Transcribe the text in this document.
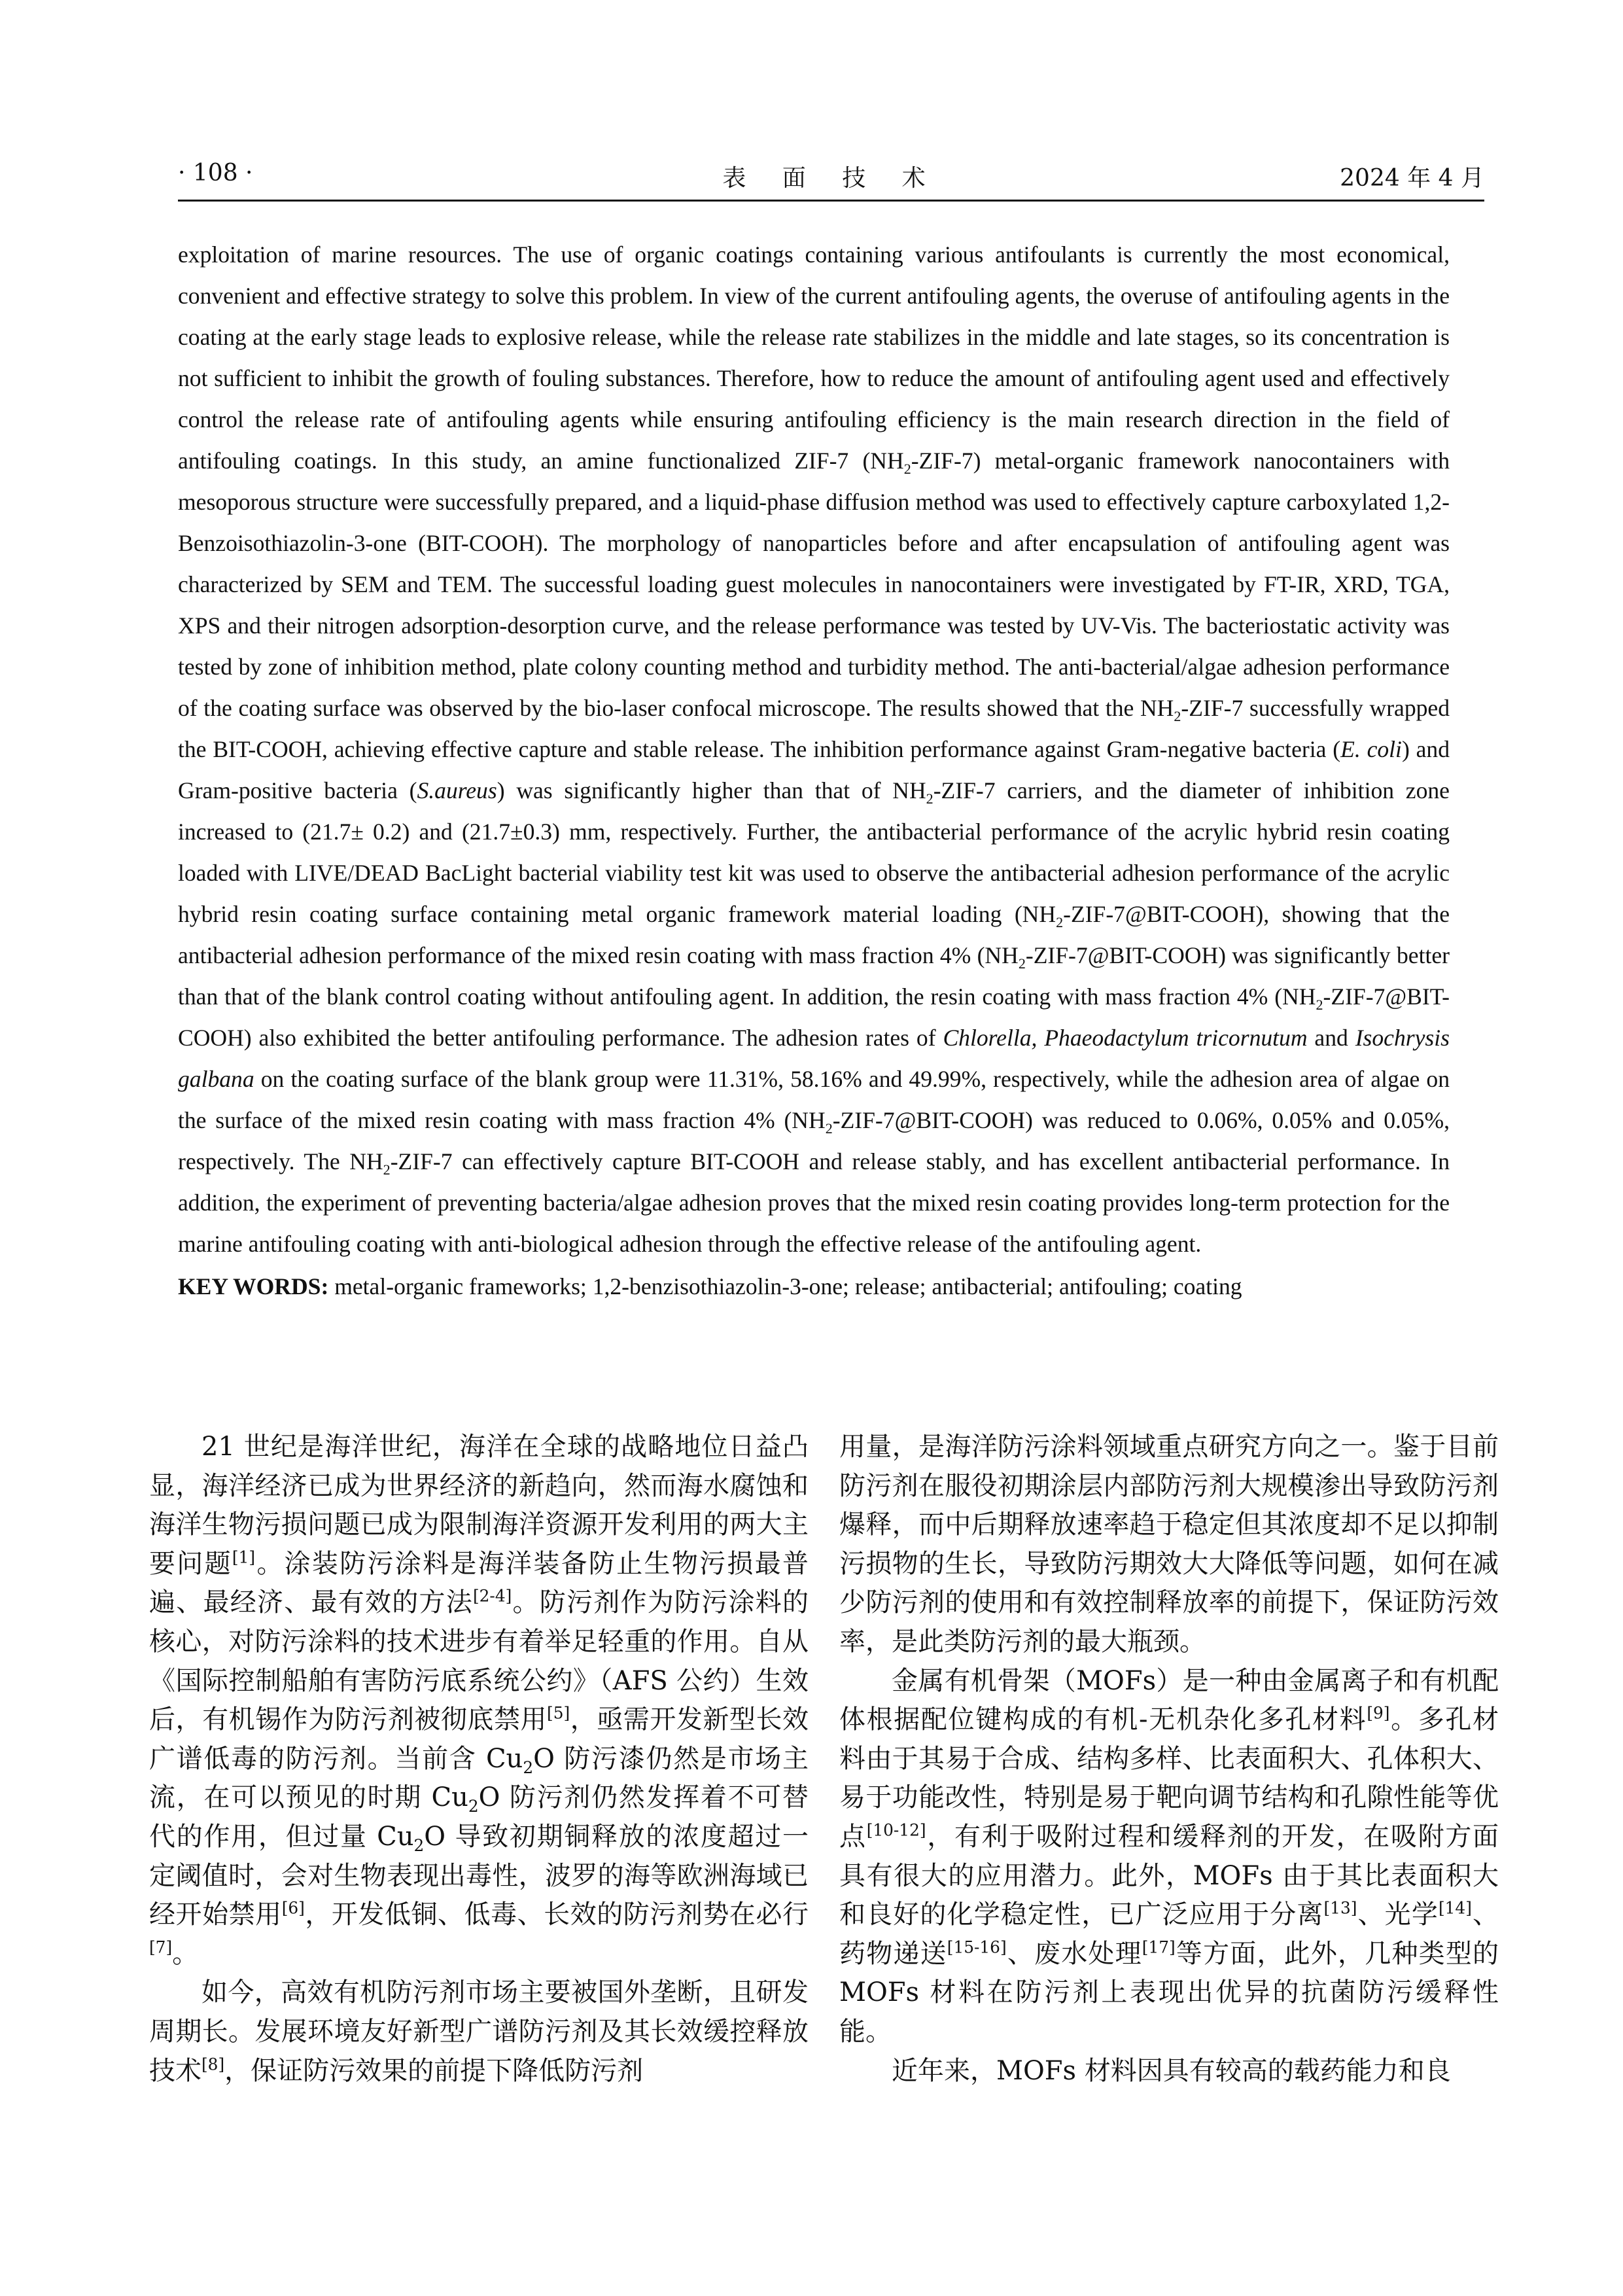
· 108 ·	表 面 技 术	2024 年 4 月

exploitation of marine resources. The use of organic coatings containing various antifoulants is currently the most economical, convenient and effective strategy to solve this problem. In view of the current antifouling agents, the overuse of antifouling agents in the coating at the early stage leads to explosive release, while the release rate stabilizes in the middle and late stages, so its concentration is not sufficient to inhibit the growth of fouling substances. Therefore, how to reduce the amount of antifouling agent used and effectively control the release rate of antifouling agents while ensuring antifouling efficiency is the main research direction in the field of antifouling coatings. In this study, an amine functionalized ZIF-7 $(NH_2-ZIF-7)$ metal-organic framework nanocontainers with mesoporous structure were successfully prepared, and a liquid-phase diffusion method was used to effectively capture carboxylated 1,2-Benzoisothiazolin-3-one (BIT-COOH). The morphology of nanoparticles before and after encapsulation of antifouling agent was characterized by SEM and TEM. The successful loading guest molecules in nanocontainers were investigated by FT-IR, XRD, TGA, XPS and their nitrogen adsorption-desorption curve, and the release performance was tested by UV-Vis. The bacteriostatic activity was tested by zone of inhibition method, plate colony counting method and turbidity method. The anti-bacterial/algae adhesion performance of the coating surface was observed by the bio-laser confocal microscope. The results showed that the $NH_2-ZIF-7$ successfully wrapped the BIT-COOH, achieving effective capture and stable release. The inhibition performance against Gram-negative bacteria (E. coli) and Gram-positive bacteria (S.aureus) was significantly higher than that of $NH_2-ZIF-7$ carriers, and the diameter of inhibition zone increased to (21.7± 0.2) and (21.7±0.3) mm, respectively. Further, the antibacterial performance of the acrylic hybrid resin coating loaded with LIVE/DEAD BacLight bacterial viability test kit was used to observe the antibacterial adhesion performance of the acrylic hybrid resin coating surface containing metal organic framework material loading $(NH_2-ZIF-7@BIT-COOH)$, showing that the antibacterial adhesion performance of the mixed resin coating with mass fraction 4% $(NH_2-ZIF-7@BIT-COOH)$ was significantly better than that of the blank control coating without antifouling agent. In addition, the resin coating with mass fraction 4% $(NH_2-ZIF-7@BIT-COOH)$ also exhibited the better antifouling performance. The adhesion rates of Chlorella, Phaeodactylum tricornutum and Isochrysis galbana on the coating surface of the blank group were 11.31%, 58.16% and 49.99%, respectively, while the adhesion area of algae on the surface of the mixed resin coating with mass fraction 4% $(NH_2-ZIF-7@BIT-COOH)$ was reduced to 0.06%, 0.05% and 0.05%, respectively. The $NH_2-ZIF-7$ can effectively capture BIT-COOH and release stably, and has excellent antibacterial performance. In addition, the experiment of preventing bacteria/algae adhesion proves that the mixed resin coating provides long-term protection for the marine antifouling coating with anti-biological adhesion through the effective release of the antifouling agent.

KEY WORDS: metal-organic frameworks; 1,2-benzisothiazolin-3-one; release; antibacterial; antifouling; coating

21 世纪是海洋世纪，海洋在全球的战略地位日益凸显，海洋经济已成为世界经济的新趋向，然而海水腐蚀和海洋生物污损问题已成为限制海洋资源开发利用的两大主要问题[1]。涂装防污涂料是海洋装备防止生物污损最普遍、最经济、最有效的方法[2-4]。防污剂作为防污涂料的核心，对防污涂料的技术进步有着举足轻重的作用。自从《国际控制船舶有害防污底系统公约》（AFS 公约）生效后，有机锡作为防污剂被彻底禁用[5]，亟需开发新型长效广谱低毒的防污剂。当前含 $Cu_2O$ 防污漆仍然是市场主流，在可以预见的时期 $Cu_2O$ 防污剂仍然发挥着不可替代的作用，但过量 $Cu_2O$ 导致初期铜释放的浓度超过一定阈值时，会对生物表现出毒性，波罗的海等欧洲海域已经开始禁用[6]，开发低铜、低毒、长效的防污剂势在必行[7]。

如今，高效有机防污剂市场主要被国外垄断，且研发周期长。发展环境友好新型广谱防污剂及其长效缓控释放技术[8]，保证防污效果的前提下降低防污剂

用量，是海洋防污涂料领域重点研究方向之一。鉴于目前防污剂在服役初期涂层内部防污剂大规模渗出导致防污剂爆释，而中后期释放速率趋于稳定但其浓度却不足以抑制污损物的生长，导致防污期效大大降低等问题，如何在减少防污剂的使用和有效控制释放率的前提下，保证防污效率，是此类防污剂的最大瓶颈。

金属有机骨架（MOFs）是一种由金属离子和有机配体根据配位键构成的有机-无机杂化多孔材料[9]。多孔材料由于其易于合成、结构多样、比表面积大、孔体积大、易于功能改性，特别是易于靶向调节结构和孔隙性能等优点[10-12]，有利于吸附过程和缓释剂的开发，在吸附方面具有很大的应用潜力。此外，MOFs 由于其比表面积大和良好的化学稳定性，已广泛应用于分离[13]、光学[14]、药物递送[15-16]、废水处理[17]等方面，此外，几种类型的 MOFs 材料在防污剂上表现出优异的抗菌防污缓释性能。

近年来，MOFs 材料因具有较高的载药能力和良
